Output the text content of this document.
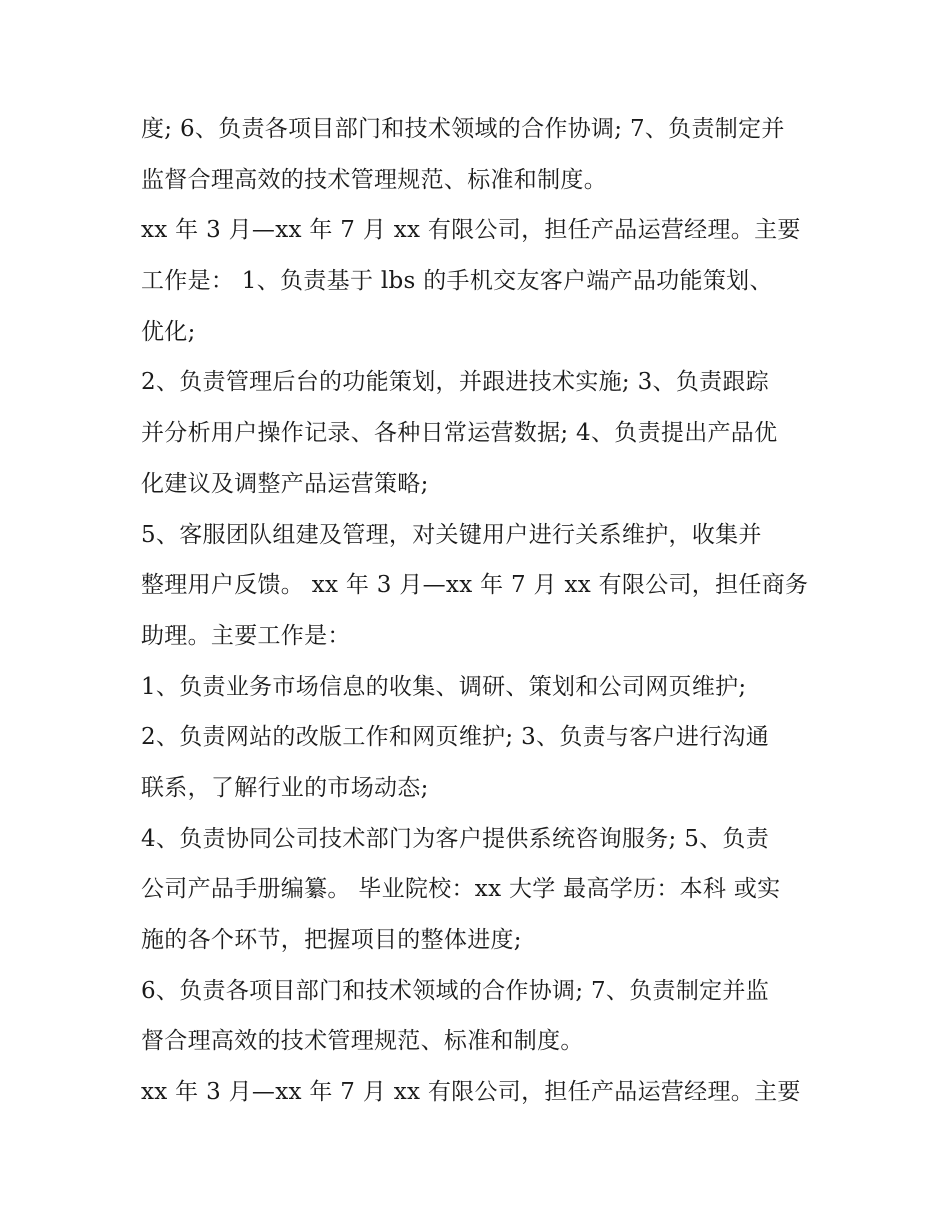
度; 6、负责各项目部门和技术领域的合作协调; 7、负责制定并
监督合理高效的技术管理规范、标准和制度。
xx 年 3 月—xx 年 7 月 xx 有限公司，担任产品运营经理。主要
工作是： 1、负责基于 lbs 的手机交友客户端产品功能策划、
优化;
2、负责管理后台的功能策划，并跟进技术实施; 3、负责跟踪
并分析用户操作记录、各种日常运营数据; 4、负责提出产品优
化建议及调整产品运营策略;
5、客服团队组建及管理，对关键用户进行关系维护，收集并
整理用户反馈。 xx 年 3 月—xx 年 7 月 xx 有限公司，担任商务
助理。主要工作是：
1、负责业务市场信息的收集、调研、策划和公司网页维护;
2、负责网站的改版工作和网页维护; 3、负责与客户进行沟通
联系，了解行业的市场动态;
4、负责协同公司技术部门为客户提供系统咨询服务; 5、负责
公司产品手册编纂。 毕业院校：xx 大学 最高学历：本科 或实
施的各个环节，把握项目的整体进度;
6、负责各项目部门和技术领域的合作协调; 7、负责制定并监
督合理高效的技术管理规范、标准和制度。
xx 年 3 月—xx 年 7 月 xx 有限公司，担任产品运营经理。主要
